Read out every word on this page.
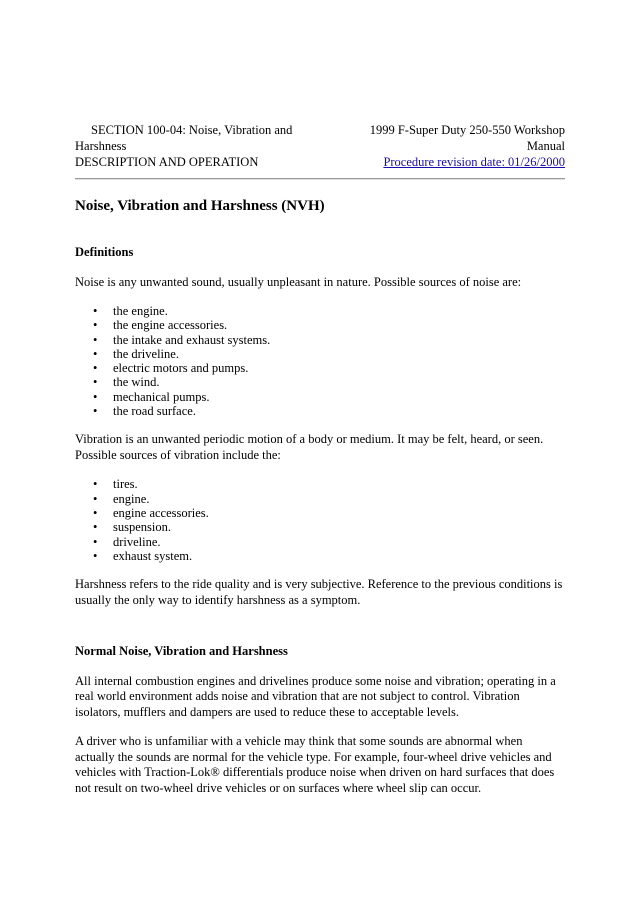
SECTION 100-04: Noise, Vibration and
Harshness
DESCRIPTION AND OPERATION
1999 F-Super Duty 250-550 Workshop
Manual
Procedure revision date: 01/26/2000
Noise, Vibration and Harshness (NVH)
Definitions

Noise is any unwanted sound, usually unpleasant in nature. Possible sources of noise are:

• the engine.
• the engine accessories.
• the intake and exhaust systems.
• the driveline.
• electric motors and pumps.
• the wind.
• mechanical pumps.
• the road surface.

Vibration is an unwanted periodic motion of a body or medium. It may be felt, heard, or seen. Possible sources of vibration include the:

• tires.
• engine.
• engine accessories.
• suspension.
• driveline.
• exhaust system.

Harshness refers to the ride quality and is very subjective. Reference to the previous conditions is usually the only way to identify harshness as a symptom.

Normal Noise, Vibration and Harshness

All internal combustion engines and drivelines produce some noise and vibration; operating in a real world environment adds noise and vibration that are not subject to control. Vibration isolators, mufflers and dampers are used to reduce these to acceptable levels.

A driver who is unfamiliar with a vehicle may think that some sounds are abnormal when actually the sounds are normal for the vehicle type. For example, four-wheel drive vehicles and vehicles with Traction-Lok® differentials produce noise when driven on hard surfaces that does not result on two-wheel drive vehicles or on surfaces where wheel slip can occur.
